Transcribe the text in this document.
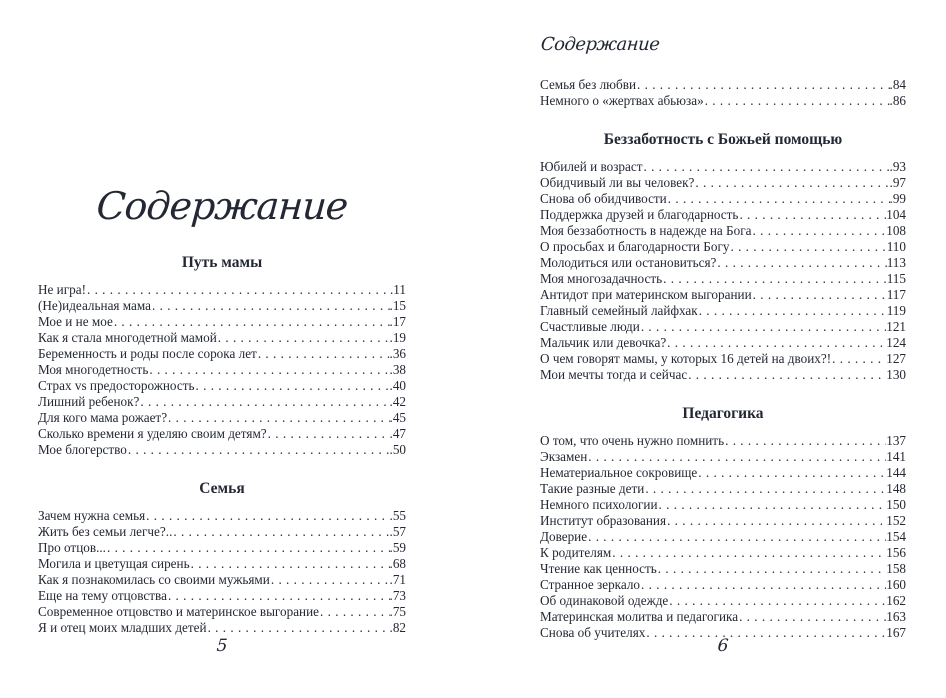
Содержание
Путь мамы
Не игра! . . .	.11
(Не)идеальная мама . . .	.15
Мое и не мое . . .	.17
Как я стала многодетной мамой . . .	.19
Беременность и роды после сорока лет . . .	.36
Моя многодетность . . .	.38
Страх vs предосторожность . . .	.40
Лишний ребенок? . . .	.42
Для кого мама рожает? . . .	.45
Сколько времени я уделяю своим детям? . . .	.47
Мое блогерство . . .	.50
Семья
Зачем нужна семья . . .	.55
Жить без семьи легче?.. . . .	.57
Про отцов... . . .	.59
Могила и цветущая сирень . . .	.68
Как я познакомилась со своими мужьями . . .	.71
Еще на тему отцовства . . .	.73
Современное отцовство и материнское выгорание . . .	.75
Я и отец моих младших детей . . .	.82
5
Содержание
Семья без любви . . .	.84
Немного о «жертвах абьюза» . . .	.86
Беззаботность с Божьей помощью
Юбилей и возраст . . .	.93
Обидчивый ли вы человек? . . .	.97
Снова об обидчивости . . .	.99
Поддержка друзей и благодарность . . .	104
Моя беззаботность в надежде на Бога . . .	108
О просьбах и благодарности Богу . . .	110
Молодиться или остановиться? . . .	113
Моя многозадачность . . .	115
Антидот при материнском выгорании . . .	117
Главный семейный лайфхак . . .	119
Счастливые люди . . .	121
Мальчик или девочка? . . .	124
О чем говорят мамы, у которых 16 детей на двоих?! . . .	127
Мои мечты тогда и сейчас . . .	130
Педагогика
О том, что очень нужно помнить . . .	137
Экзамен . . .	141
Нематериальное сокровище . . .	144
Такие разные дети . . .	148
Немного психологии . . .	150
Институт образования . . .	152
Доверие . . .	154
К родителям . . .	156
Чтение как ценность . . .	158
Странное зеркало . . .	160
Об одинаковой одежде . . .	162
Материнская молитва и педагогика . . .	163
Снова об учителях . . .	167
6
